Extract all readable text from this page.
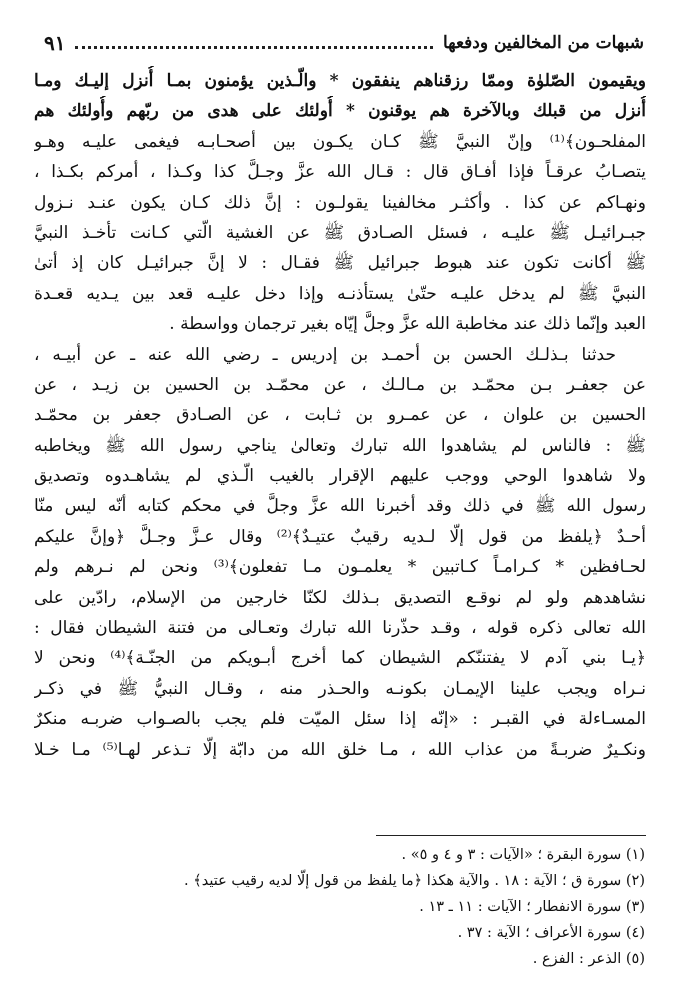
شبهات من المخالفين ودفعها
٩١
ويقيمون الصّلوٰة وممّا رزقناهم ينفقون * والّـذين يؤمنون بمـا أُنزل إليـك ومـا
أُنزل من قبلك وبالآخرة هم يوقنون * أُولئك على هدى من ربّهم وأُولئك هم
المفلحـون﴾⁽¹⁾ وإنّ النبيَّ ﷺ كـان يكـون بين أصحـابـه فيغمى عليـه وهـو
يتصـابُ عرقـاً فإذا أفـاق قال : قـال الله عزَّ وجـلَّ كذا وكـذا ، أمركم بكـذا ،
ونهـاكم عن كذا . وأكثـر مخالفينا يقولـون : إنَّ ذلك كـان يكون عنـد نـزول
جبـرائيـل ﷺ عليـه ، فسئل الصـادق ﷺ عن الغشية الّتي كـانت تأخـذ النبيَّ
ﷺ أكانت تكون عند هبوط جبرائيل ﷺ فقـال : لا إنَّ جبرائيـل كان إذ أتىٰ
النبيَّ ﷺ لم يدخل عليـه حتّىٰ يستأذنـه وإذا دخل عليـه قعد بين يـديه قعـدة
العبد وإنّما ذلك عند مخاطبة الله عزَّ وجلَّ إيّاه بغير ترجمان وواسطة .
حدثنا بـذلـك الحسن بن أحمـد بن إدريس ـ رضي الله عنه ـ عن أبيـه ،
عن جعفـر بـن محمّـد بن مـالـك ، عن محمّـد بن الحسين بن زيـد ، عن
الحسين بن علوان ، عن عمـرو بن ثـابت ، عن الصـادق جعفر بن محمّـد
ﷺ : فالناس لم يشاهدوا الله تبارك وتعالىٰ يناجي رسول الله ﷺ ويخاطبه
ولا شاهدوا الوحي ووجب عليهم الإقرار بالغيب الّـذي لم يشاهـدوه وتصديق
رسول الله ﷺ في ذلك وقد أخبرنا الله عزَّ وجلَّ في محكم كتابه أنّه ليس منّا
أحـدٌ ﴿يلفظ من قول إلّا لـديه رقيبٌ عتيـدٌ﴾⁽²⁾ وقال عـزَّ وجـلَّ ﴿وإنَّ عليكم
لحـافظين * كـرامـاً كـاتبين * يعلمـون مـا تفعلون﴾⁽³⁾ ونحن لم نـرهم ولم
نشاهدهم ولو لم نوقـع التصديق بـذلك لكنّا خارجين من الإسلام، رادّين على
الله تعالى ذكره قوله ، وقـد حذّرنا الله تبارك وتعـالى من فتنة الشيطان فقال :
﴿يـا بني آدم لا يفتننّكم الشيطان كما أخرج أبـويكم من الجنّـة﴾⁽⁴⁾ ونحن لا
نـراه ويجب علينا الإيمـان بكونـه والحـذر منه ، وقـال النبيُّ ﷺ في ذكـر
المسـاءلة في القبـر : «إنّه إذا سئل الميّت فلم يجب بالصـواب ضربـه منكرٌ
ونكـيرٌ ضربـةً من عذاب الله ، مـا خلق الله من دابّة إلّا تـذعر لهـا⁽⁵⁾ مـا خـلا
(١) سورة البقرة ؛ «الآيات : ٣ و ٤ و ٥» .
(٢) سورة ق ؛ الآية : ١٨ . والآية هكذا ﴿ما يلفظ من قول إلّا لديه رقيب عتيد﴾ .
(٣) سورة الانفطار ؛ الآيات : ١١ ـ ١٣ .
(٤) سورة الأعراف ؛ الآية : ٣٧ .
(٥) الذعر : الفزع .
